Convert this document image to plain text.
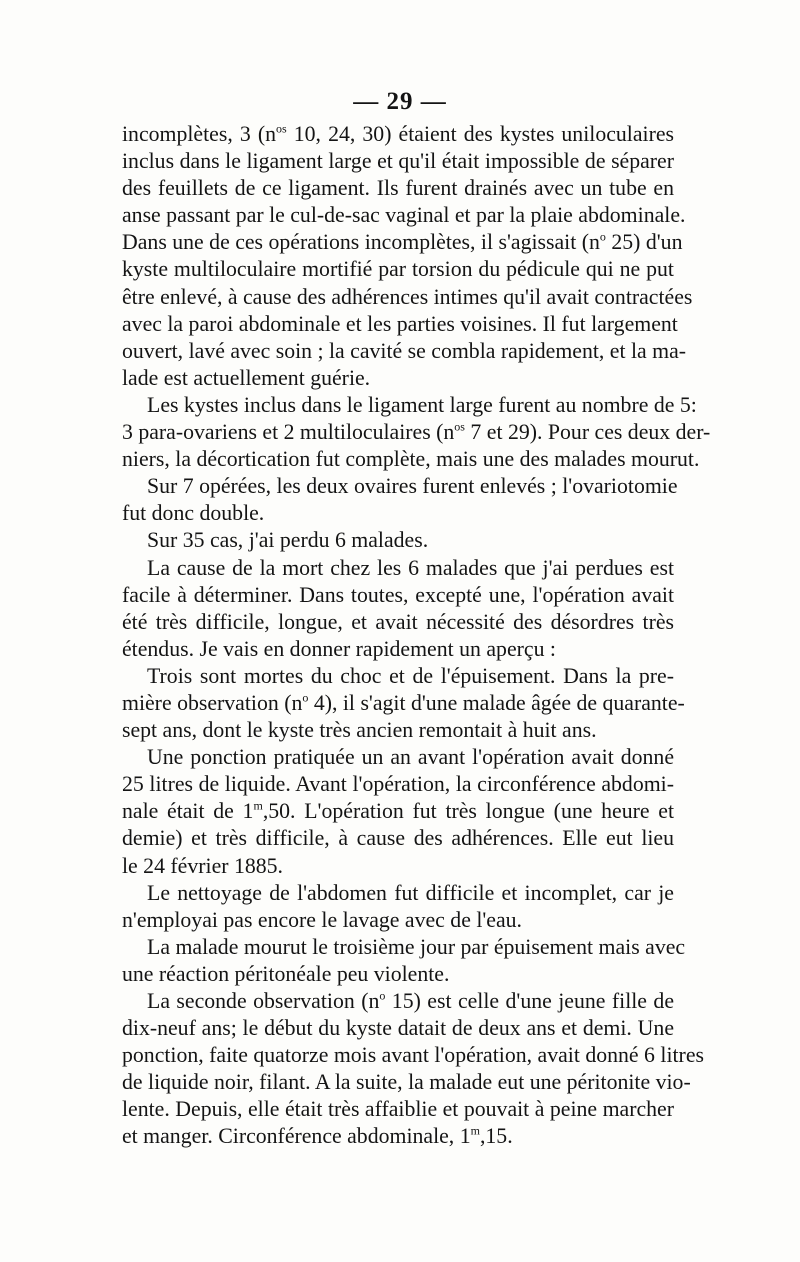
— 29 —
incomplètes, 3 ($n^{os}$ 10, 24, 30) étaient des kystes uniloculaires
inclus dans le ligament large et qu'il était impossible de séparer
des feuillets de ce ligament. Ils furent drainés avec un tube en
anse passant par le cul-de-sac vaginal et par la plaie abdominale.
Dans une de ces opérations incomplètes, il s'agissait ($n^o$ 25) d'un
kyste multiloculaire mortifié par torsion du pédicule qui ne put
être enlevé, à cause des adhérences intimes qu'il avait contractées
avec la paroi abdominale et les parties voisines. Il fut largement
ouvert, lavé avec soin ; la cavité se combla rapidement, et la ma-
lade est actuellement guérie.
Les kystes inclus dans le ligament large furent au nombre de 5:
3 para-ovariens et 2 multiloculaires ($n^{os}$ 7 et 29). Pour ces deux der-
niers, la décortication fut complète, mais une des malades mourut.
Sur 7 opérées, les deux ovaires furent enlevés ; l'ovariotomie
fut donc double.
Sur 35 cas, j'ai perdu 6 malades.
La cause de la mort chez les 6 malades que j'ai perdues est
facile à déterminer. Dans toutes, excepté une, l'opération avait
été très difficile, longue, et avait nécessité des désordres très
étendus. Je vais en donner rapidement un aperçu :
Trois sont mortes du choc et de l'épuisement. Dans la pre-
mière observation ($n^o$ 4), il s'agit d'une malade âgée de quarante-
sept ans, dont le kyste très ancien remontait à huit ans.
Une ponction pratiquée un an avant l'opération avait donné
25 litres de liquide. Avant l'opération, la circonférence abdomi-
nale était de 1$^m$,50. L'opération fut très longue (une heure et
demie) et très difficile, à cause des adhérences. Elle eut lieu
le 24 février 1885.
Le nettoyage de l'abdomen fut difficile et incomplet, car je
n'employai pas encore le lavage avec de l'eau.
La malade mourut le troisième jour par épuisement mais avec
une réaction péritonéale peu violente.
La seconde observation ($n^o$ 15) est celle d'une jeune fille de
dix-neuf ans; le début du kyste datait de deux ans et demi. Une
ponction, faite quatorze mois avant l'opération, avait donné 6 litres
de liquide noir, filant. A la suite, la malade eut une péritonite vio-
lente. Depuis, elle était très affaiblie et pouvait à peine marcher
et manger. Circonférence abdominale, 1$^m$,15.
